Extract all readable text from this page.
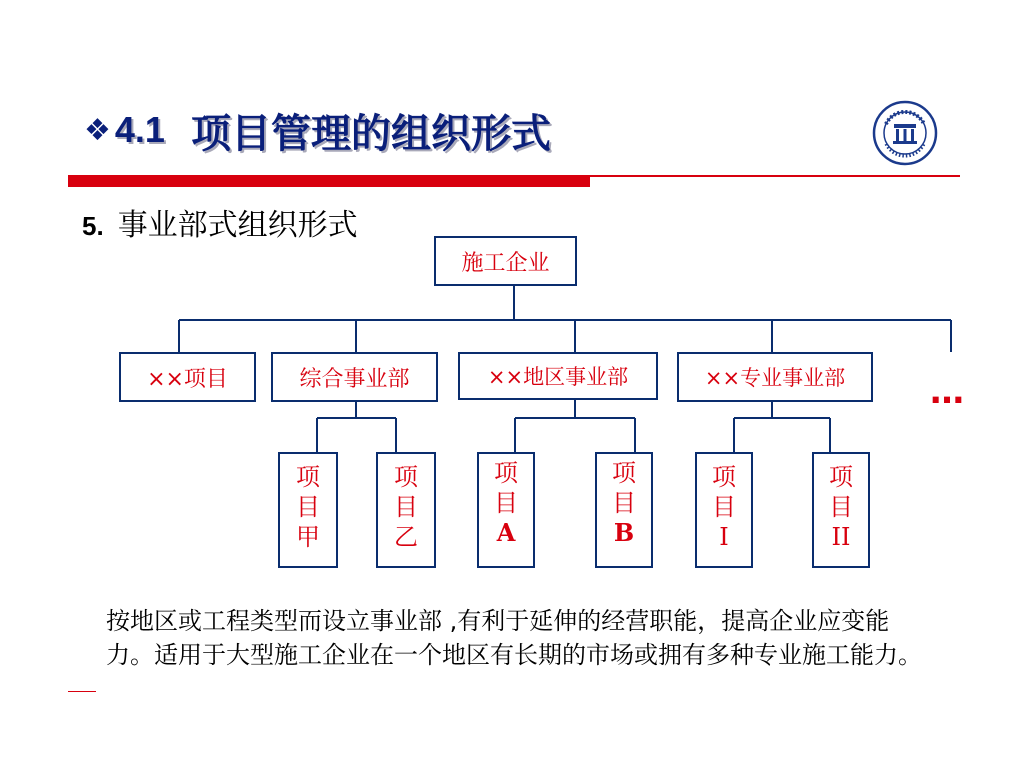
❖ 4.1 项目管理的组织形式
5. 事业部式组织形式
施工企业
××项目	综合事业部	××地区事业部	××专业事业部 …
项
目
甲
项
目
乙
项
目
A
项
目
B
项
目
I
项
目
II
按地区或工程类型而设立事业部 ,有利于延伸的经营职能，提高企业应变能力。适用于大型施工企业在一个地区有长期的市场或拥有多种专业施工能力。
